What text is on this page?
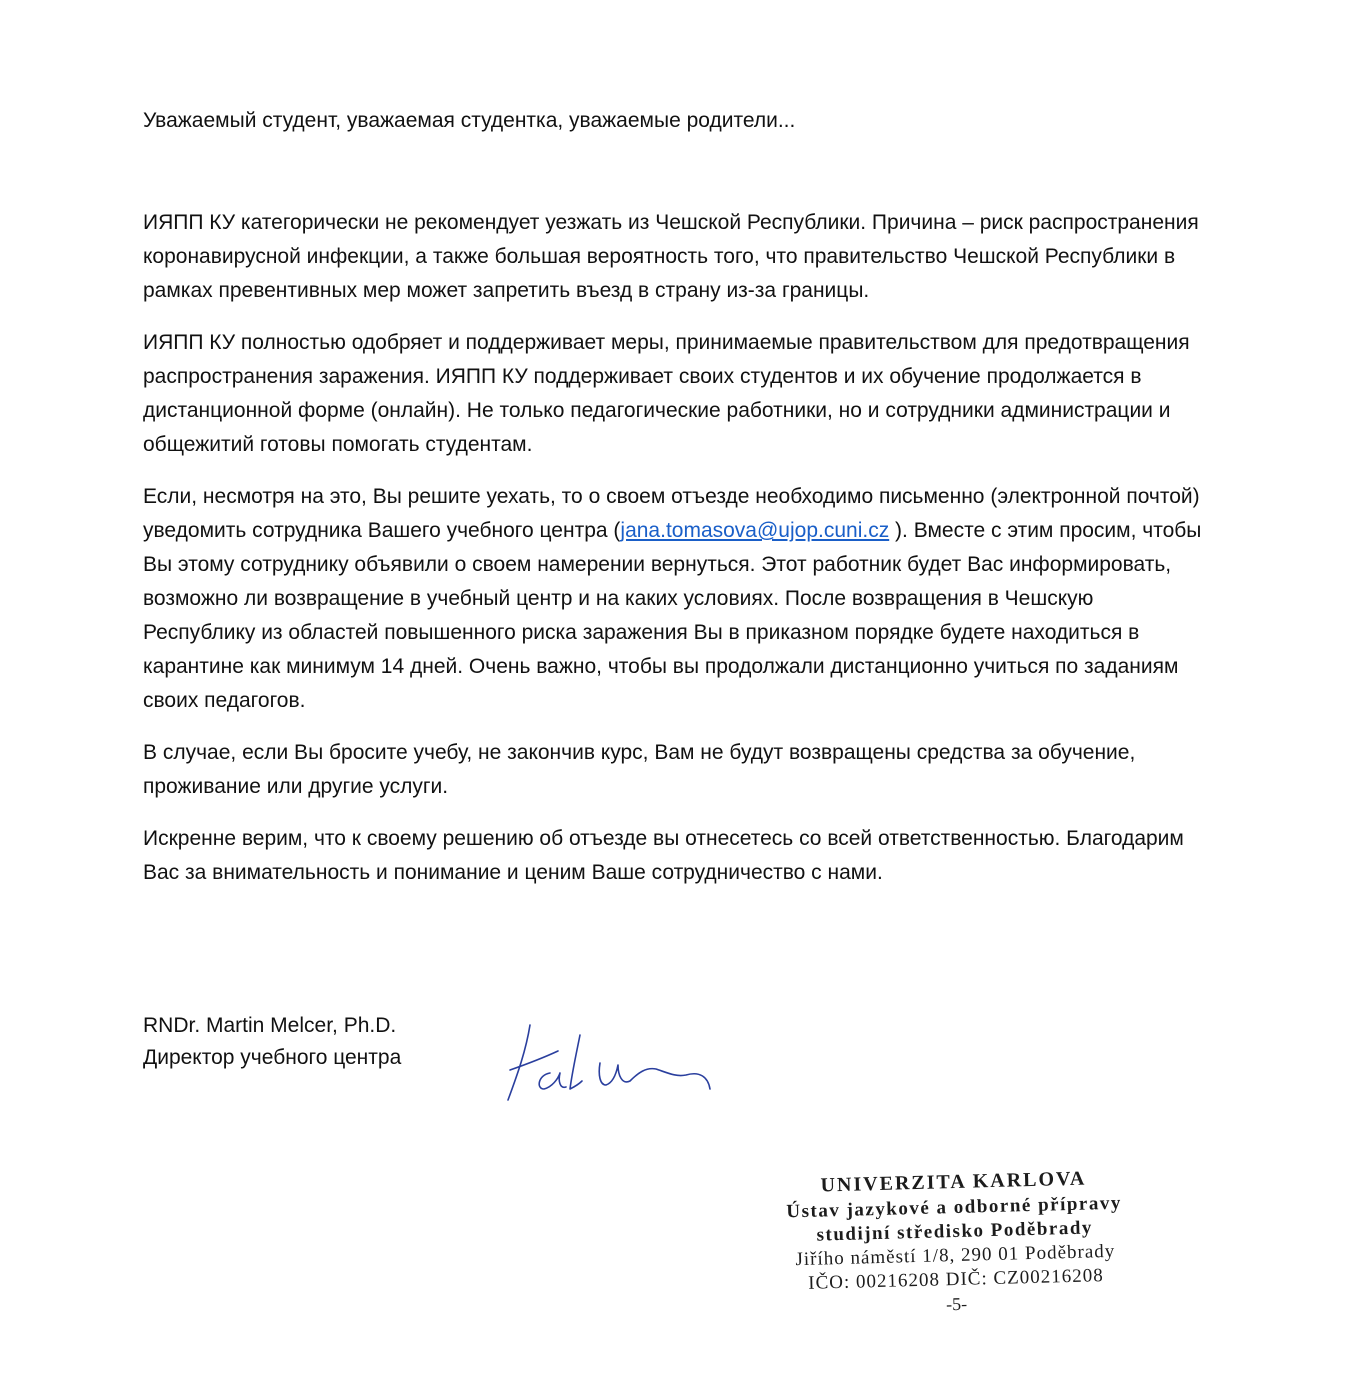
Уважаемый студент, уважаемая студентка, уважаемые родители...

ИЯПП КУ категорически не рекомендует уезжать из Чешской Республики. Причина – риск распространения коронавирусной инфекции, а также большая вероятность того, что правительство Чешской Республики в рамках превентивных мер может запретить въезд в страну из-за границы.

ИЯПП КУ полностью одобряет и поддерживает меры, принимаемые правительством для предотвращения распространения заражения. ИЯПП КУ поддерживает своих студентов и их обучение продолжается в дистанционной форме (онлайн). Не только педагогические работники, но и сотрудники администрации и общежитий готовы помогать студентам.

Если, несмотря на это, Вы решите уехать, то о своем отъезде необходимо письменно (электронной почтой) уведомить сотрудника Вашего учебного центра (jana.tomasova@ujop.cuni.cz ). Вместе с этим просим, чтобы Вы этому сотруднику объявили о своем намерении вернуться. Этот работник будет Вас информировать, возможно ли возвращение в учебный центр и на каких условиях. После возвращения в Чешскую Республику из областей повышенного риска заражения Вы в приказном порядке будете находиться в карантине как минимум 14 дней. Очень важно, чтобы вы продолжали дистанционно учиться по заданиям своих педагогов.

В случае, если Вы бросите учебу, не закончив курс, Вам не будут возвращены средства за обучение, проживание или другие услуги.

Искренне верим, что к своему решению об отъезде вы отнесетесь со всей ответственностью. Благодарим Вас за внимательность и понимание и ценим Ваше сотрудничество с нами.

RNDr. Martin Melcer, Ph.D.
Директор учебного центра
UNIVERZITA KARLOVA
Ústav jazykové a odborné přípravy
studijní středisko Poděbrady
Jiřího náměstí 1/8, 290 01 Poděbrady
IČO: 00216208 DIČ: CZ00216208
-5-
